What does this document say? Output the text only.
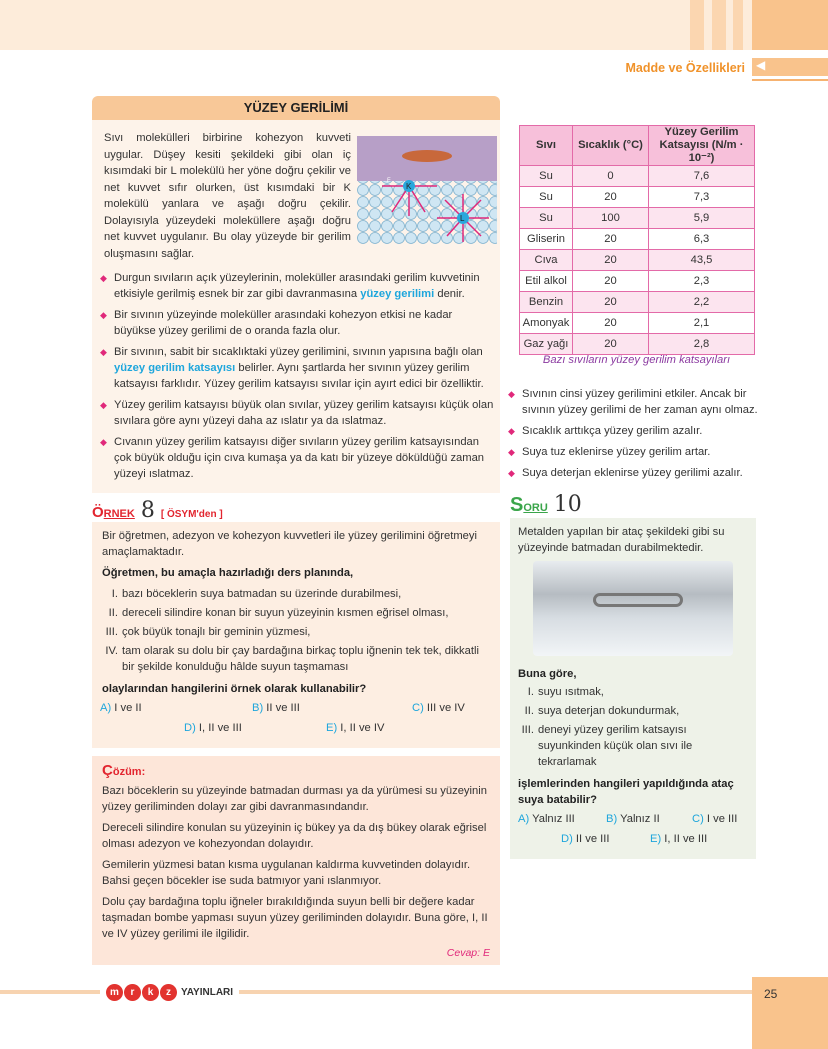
Madde ve Özellikleri ◀
YÜZEY GERİLİMİ
Sıvı molekülleri birbirine kohezyon kuvveti uygular. Düşey kesiti şekildeki gibi olan iç kısımdaki bir L molekülü her yöne doğru çekilir ve net kuvvet sıfır olurken, üst kısımdaki bir K molekülü yanlara ve aşağı doğru çekilir. Dolayısıyla yüzeydeki moleküllere aşağı doğru net kuvvet uygulanır. Bu olay yüzeyde bir gerilim oluşmasını sağlar.
K
L
F
◆ Durgun sıvıların açık yüzeylerinin, moleküller arasındaki gerilim kuvvetinin etkisiyle gerilmiş esnek bir zar gibi davranmasına yüzey gerilimi denir.
◆ Bir sıvının yüzeyinde moleküller arasındaki kohezyon etkisi ne kadar büyükse yüzey gerilimi de o oranda fazla olur.
◆ Bir sıvının, sabit bir sıcaklıktaki yüzey gerilimini, sıvının yapısına bağlı olan yüzey gerilim katsayısı belirler. Aynı şartlarda her sıvının yüzey gerilim katsayısı farklıdır. Yüzey gerilim katsayısı sıvılar için ayırt edici bir özelliktir.
◆ Yüzey gerilim katsayısı büyük olan sıvılar, yüzey gerilim katsayısı küçük olan sıvılara göre aynı yüzeyi daha az ıslatır ya da ıslatmaz.
◆ Cıvanın yüzey gerilim katsayısı diğer sıvıların yüzey gerilim katsayısından çok büyük olduğu için cıva kumaşa ya da katı bir yüzeye döküldüğü zaman yüzeyi ıslatmaz.
Sıvı	Sıcaklık (°C)	Yüzey Gerilim Katsayısı (N/m · 10⁻²)
Su	0	7,6
Su	20	7,3
Su	100	5,9
Gliserin	20	6,3
Cıva	20	43,5
Etil alkol	20	2,3
Benzin	20	2,2
Amonyak	20	2,1
Gaz yağı	20	2,8
Bazı sıvıların yüzey gerilim katsayıları
◆ Sıvının cinsi yüzey gerilimini etkiler. Ancak bir sıvının yüzey gerilimi de her zaman aynı olmaz.
◆ Sıcaklık arttıkça yüzey gerilim azalır.
◆ Suya tuz eklenirse yüzey gerilim artar.
◆ Suya deterjan eklenirse yüzey gerilimi azalır.
ÖRNEK 8 [ ÖSYM'den ]

Bir öğretmen, adezyon ve kohezyon kuvvetleri ile yüzey gerilimini öğretmeyi amaçlamaktadır.

Öğretmen, bu amaçla hazırladığı ders planında,

I. bazı böceklerin suya batmadan su üzerinde durabilmesi,
II. dereceli silindire konan bir suyun yüzeyinin kısmen eğrisel olması,
III. çok büyük tonajlı bir geminin yüzmesi,
IV. tam olarak su dolu bir çay bardağına birkaç toplu iğnenin tek tek, dikkatli bir şekilde konulduğu hâlde suyun taşmaması

olaylarından hangilerini örnek olarak kullanabilir?

A) I ve II	B) II ve III	C) III ve IV
D) I, II ve III	E) I, II ve IV
Çözüm:

Bazı böceklerin su yüzeyinde batmadan durması ya da yürümesi su yüzeyinin yüzey geriliminden dolayı zar gibi davranmasındandır.

Dereceli silindire konulan su yüzeyinin iç bükey ya da dış bükey olarak eğrisel olması adezyon ve kohezyondan dolayıdır.

Gemilerin yüzmesi batan kısma uygulanan kaldırma kuvvetinden dolayıdır. Bahsi geçen böcekler ise suda batmıyor yani ıslanmıyor.

Dolu çay bardağına toplu iğneler bırakıldığında suyun belli bir değere kadar taşmadan bombe yapması suyun yüzey geriliminden dolayıdır. Buna göre, I, II ve IV yüzey gerilimi ile ilgilidir.

Cevap: E
SORU 10

Metalden yapılan bir ataç şekildeki gibi su yüzeyinde batmadan durabilmektedir.

Buna göre,

I. suyu ısıtmak,
II. suya deterjan dokundurmak,
III. deneyi yüzey gerilim katsayısı suyunkinden küçük olan sıvı ile tekrarlamak

işlemlerinden hangileri yapıldığında ataç suya batabilir?

A) Yalnız III	B) Yalnız II	C) I ve III
D) II ve III	E) I, II ve III
m	r	k	z	YAYINLARI	25
